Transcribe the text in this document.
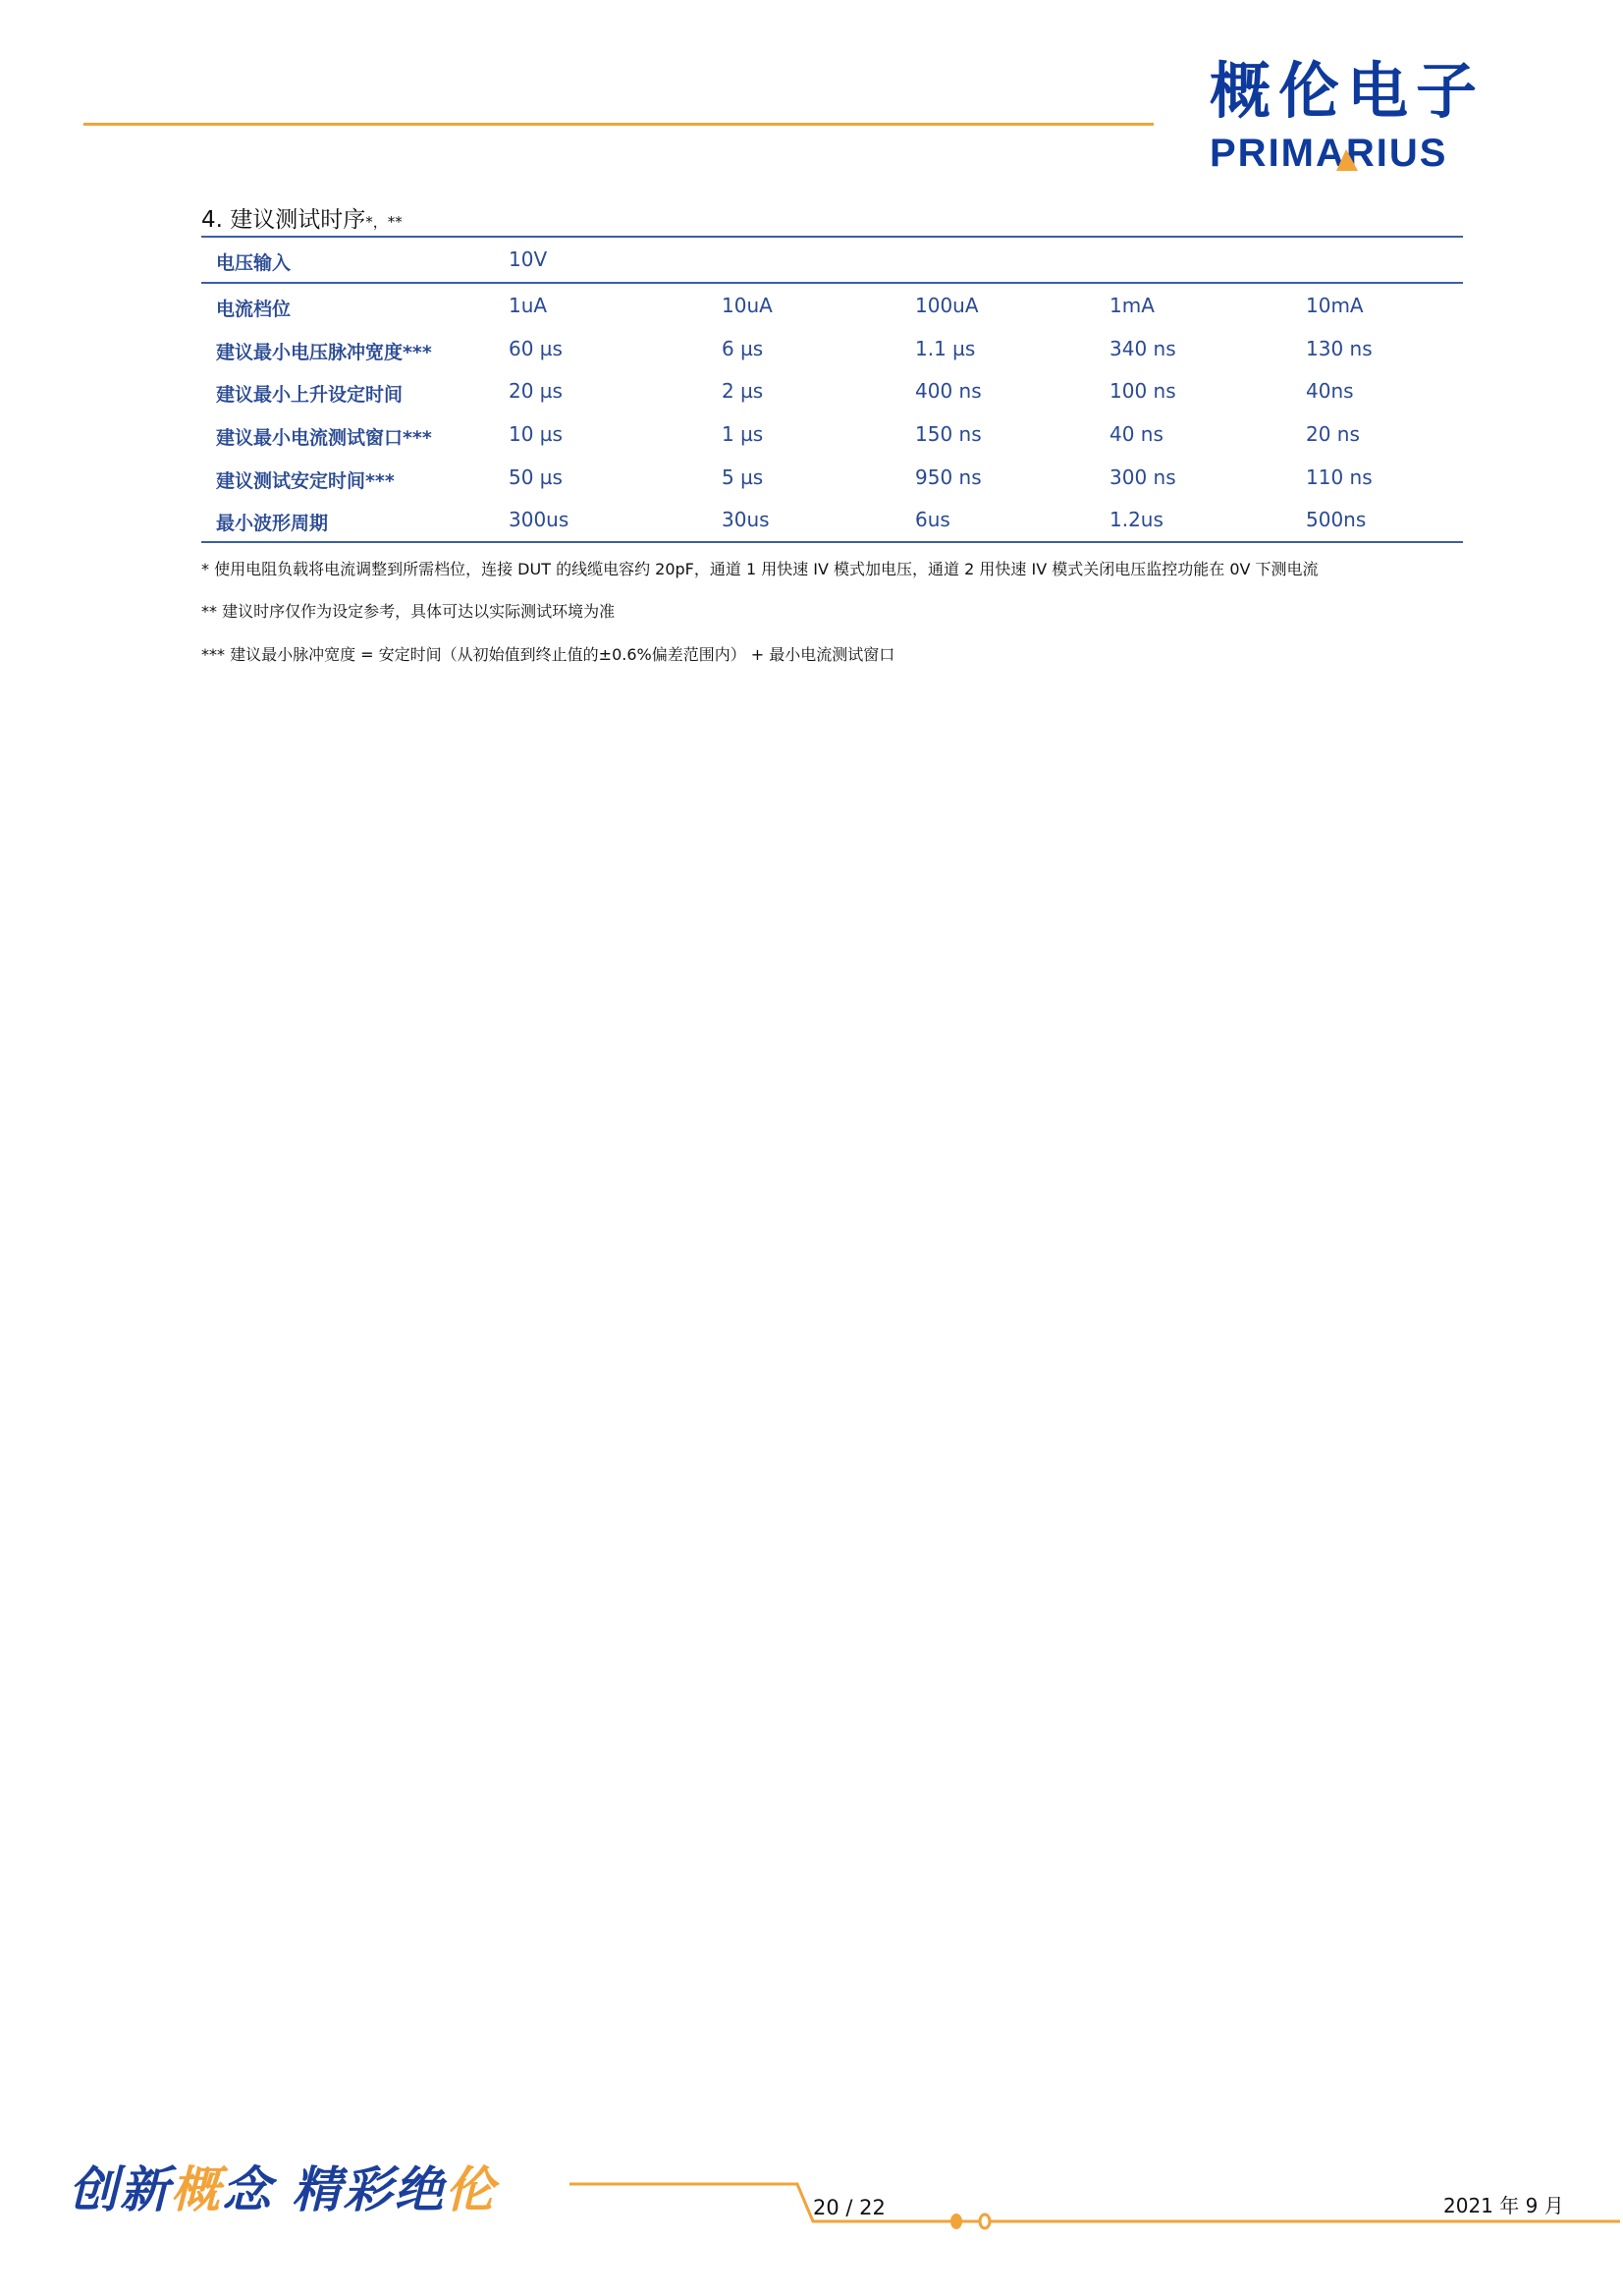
概伦电子
PRIMARIUS
4. 建议测试时序*，**
电压输入	10V
电流档位	1uA	10uA	100uA	1mA	10mA
建议最小电压脉冲宽度***	60 µs	6 µs	1.1 µs	340 ns	130 ns
建议最小上升设定时间	20 µs	2 µs	400 ns	100 ns	40ns
建议最小电流测试窗口***	10 µs	1 µs	150 ns	40 ns	20 ns
建议测试安定时间***	50 µs	5 µs	950 ns	300 ns	110 ns
最小波形周期	300us	30us	6us	1.2us	500ns
* 使用电阻负载将电流调整到所需档位，连接 DUT 的线缆电容约 20pF，通道 1 用快速 IV 模式加电压，通道 2 用快速 IV 模式关闭电压监控功能在 0V 下测电流
** 建议时序仅作为设定参考，具体可达以实际测试环境为准
*** 建议最小脉冲宽度 = 安定时间（从初始值到终止值的±0.6%偏差范围内） + 最小电流测试窗口
创新概念 精彩绝伦	20 / 22	2021 年 9 月
